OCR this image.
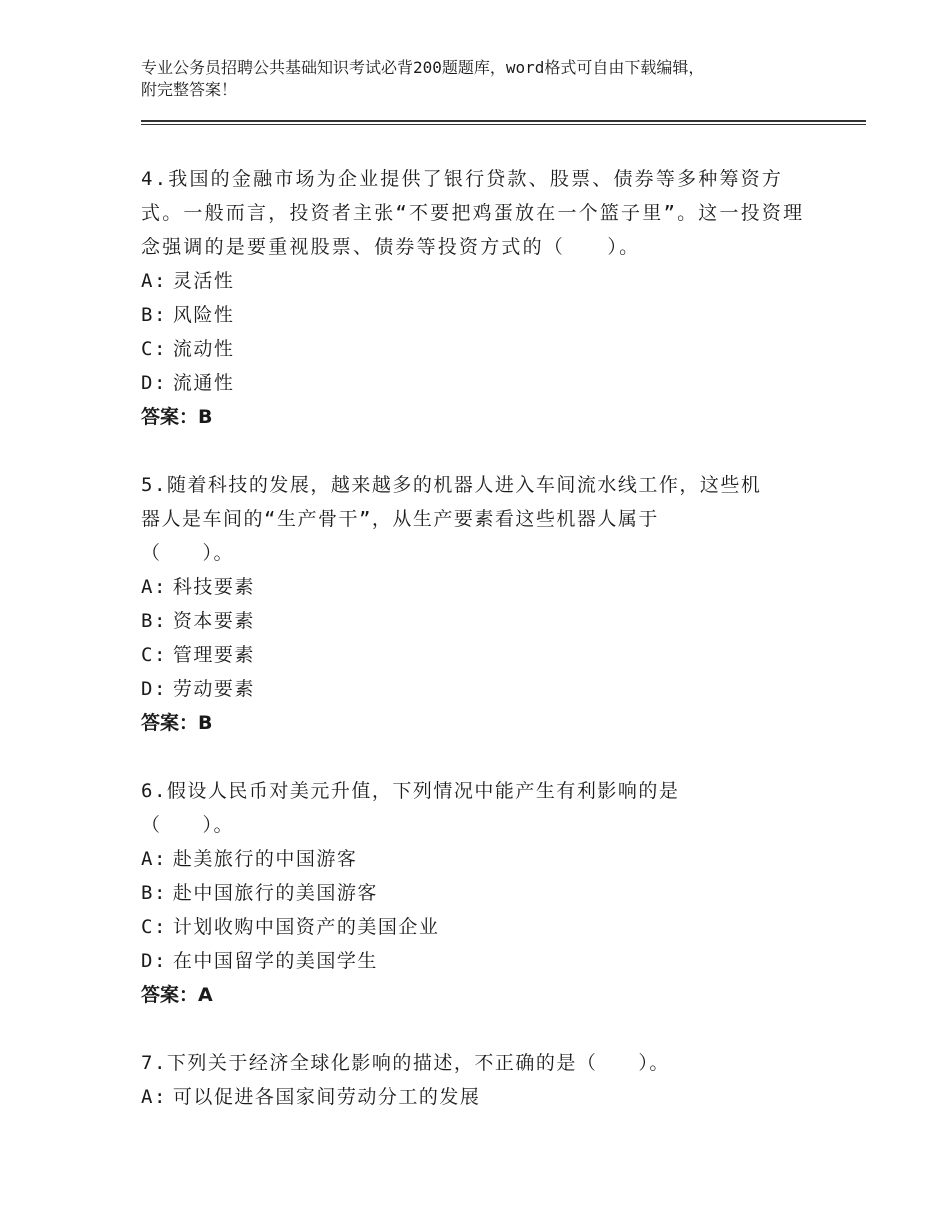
专业公务员招聘公共基础知识考试必背200题题库，word格式可自由下载编辑，
附完整答案！

4.我国的金融市场为企业提供了银行贷款、股票、债券等多种筹资方式。一般而言，投资者主张“不要把鸡蛋放在一个篮子里”。这一投资理念强调的是要重视股票、债券等投资方式的（　　）。

A: 灵活性

B: 风险性

C: 流动性

D: 流通性

答案：B

5.随着科技的发展，越来越多的机器人进入车间流水线工作，这些机

器人是车间的“生产骨干”，从生产要素看这些机器人属于

（　　）。

A: 科技要素

B: 资本要素

C: 管理要素

D: 劳动要素

答案：B

6.假设人民币对美元升值，下列情况中能产生有利影响的是

（　　）。

A: 赴美旅行的中国游客

B: 赴中国旅行的美国游客

C: 计划收购中国资产的美国企业

D: 在中国留学的美国学生

答案：A

7.下列关于经济全球化影响的描述，不正确的是（　　）。

A: 可以促进各国家间劳动分工的发展
